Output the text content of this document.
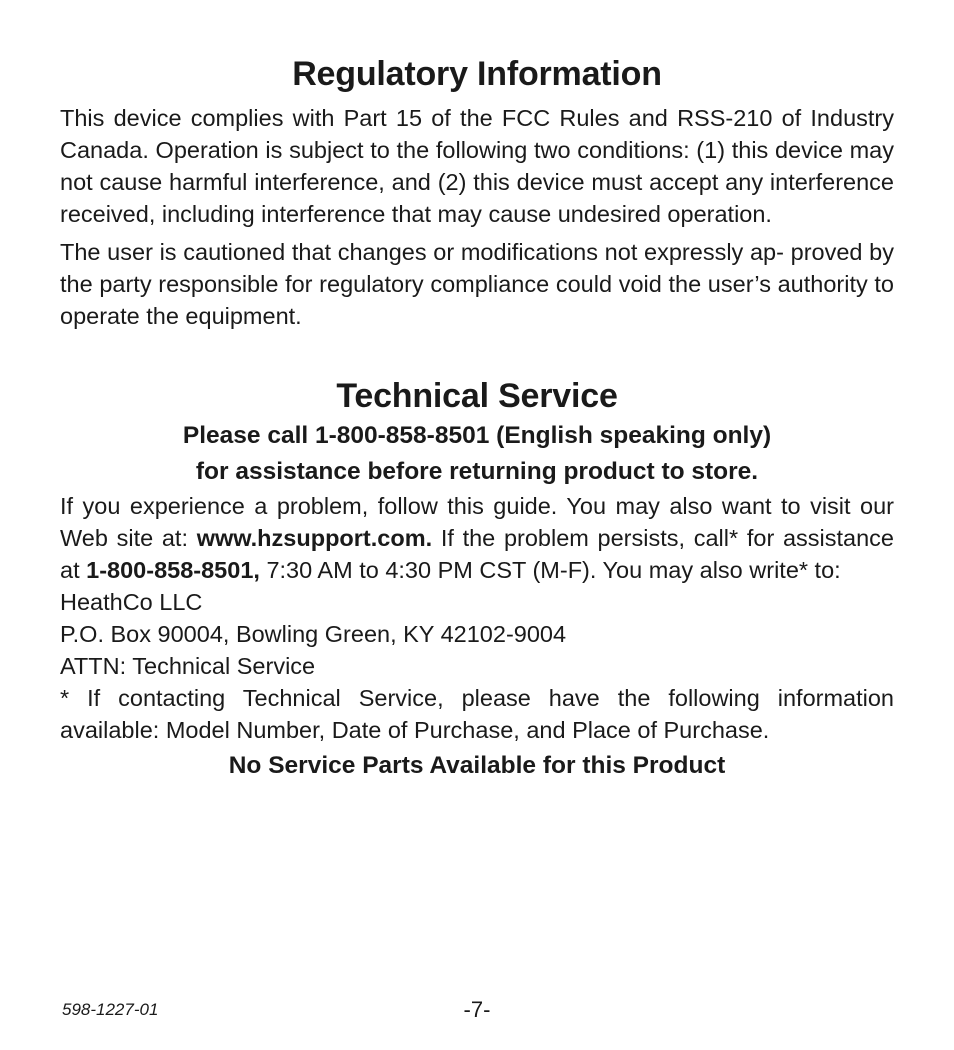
Regulatory Information

This device complies with Part 15 of the FCC Rules and RSS-210 of Industry Canada. Operation is subject to the following two conditions: (1) this device may not cause harmful interference, and (2) this device must accept any interference received, including interference that may cause undesired operation.

The user is cautioned that changes or modifications not expressly ap- proved by the party responsible for regulatory compliance could void the user’s authority to operate the equipment.

Technical Service

Please call 1-800-858-8501 (English speaking only)

for assistance before returning product to store.

If you experience a problem, follow this guide. You may also want to visit our Web site at: www.hzsupport.com. If the problem persists, call* for assistance at 1-800-858-8501, 7:30 AM to 4:30 PM CST (M-F). You may also write* to:

HeathCo LLC

P.O. Box 90004, Bowling Green, KY 42102-9004

ATTN: Technical Service

* If contacting Technical Service, please have the following information available: Model Number, Date of Purchase, and Place of Purchase.

No Service Parts Available for this Product

598-1227-01	-7-
